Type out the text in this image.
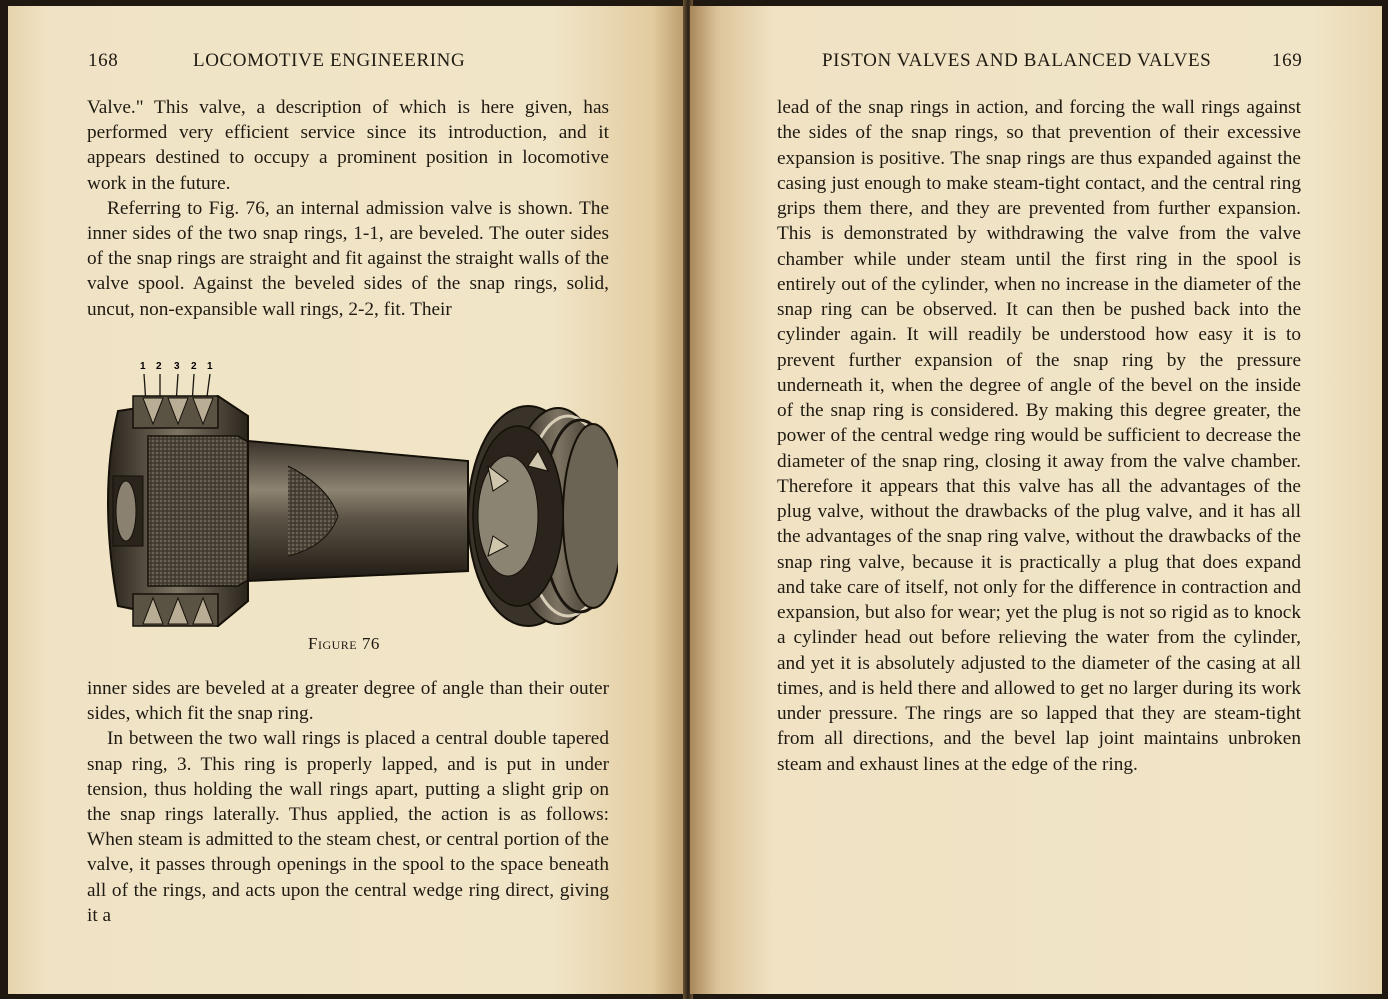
168	LOCOMOTIVE ENGINEERING

Valve." This valve, a description of which is here given, has performed very efficient service since its introduction, and it appears destined to occupy a prominent position in locomotive work in the future.

Referring to Fig. 76, an internal admission valve is shown. The inner sides of the two snap rings, 1-1, are beveled. The outer sides of the snap rings are straight and fit against the straight walls of the valve spool. Against the beveled sides of the snap rings, solid, uncut, non-expansible wall rings, 2-2, fit. Their

1 2 3 2 1
Figure 76

inner sides are beveled at a greater degree of angle than their outer sides, which fit the snap ring.

In between the two wall rings is placed a central double tapered snap ring, 3. This ring is properly lapped, and is put in under tension, thus holding the wall rings apart, putting a slight grip on the snap rings laterally. Thus applied, the action is as follows: When steam is admitted to the steam chest, or central portion of the valve, it passes through openings in the spool to the space beneath all of the rings, and acts upon the central wedge ring direct, giving it a

PISTON VALVES AND BALANCED VALVES	169

lead of the snap rings in action, and forcing the wall rings against the sides of the snap rings, so that prevention of their excessive expansion is positive. The snap rings are thus expanded against the casing just enough to make steam-tight contact, and the central ring grips them there, and they are prevented from further expansion. This is demonstrated by withdrawing the valve from the valve chamber while under steam until the first ring in the spool is entirely out of the cylinder, when no increase in the diameter of the snap ring can be observed. It can then be pushed back into the cylinder again. It will readily be understood how easy it is to prevent further expansion of the snap ring by the pressure underneath it, when the degree of angle of the bevel on the inside of the snap ring is considered. By making this degree greater, the power of the central wedge ring would be sufficient to decrease the diameter of the snap ring, closing it away from the valve chamber. Therefore it appears that this valve has all the advantages of the plug valve, without the drawbacks of the plug valve, and it has all the advantages of the snap ring valve, without the drawbacks of the snap ring valve, because it is practically a plug that does expand and take care of itself, not only for the difference in contraction and expansion, but also for wear; yet the plug is not so rigid as to knock a cylinder head out before relieving the water from the cylinder, and yet it is absolutely adjusted to the diameter of the casing at all times, and is held there and allowed to get no larger during its work under pressure. The rings are so lapped that they are steam-tight from all directions, and the bevel lap joint maintains unbroken steam and exhaust lines at the edge of the ring.
